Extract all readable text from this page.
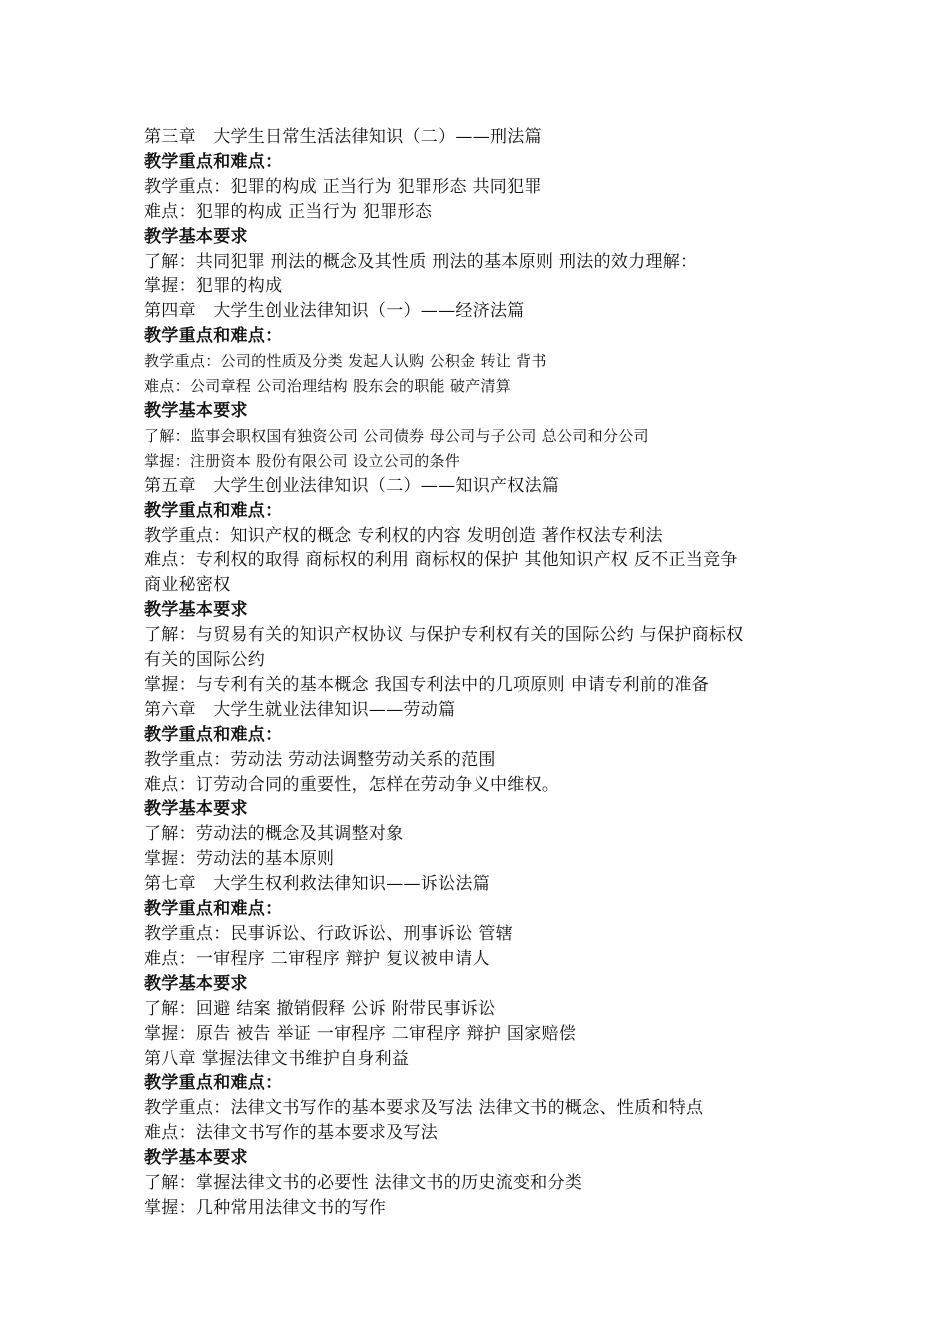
第三章　大学生日常生活法律知识（二）——刑法篇
教学重点和难点：
教学重点：犯罪的构成 正当行为 犯罪形态 共同犯罪
难点：犯罪的构成 正当行为 犯罪形态
教学基本要求
了解：共同犯罪 刑法的概念及其性质 刑法的基本原则 刑法的效力理解：
掌握：犯罪的构成
第四章　大学生创业法律知识（一）——经济法篇
教学重点和难点：
教学重点：公司的性质及分类 发起人认购 公积金 转让 背书
难点：公司章程 公司治理结构 股东会的职能 破产清算
教学基本要求
了解：监事会职权国有独资公司 公司债券 母公司与子公司 总公司和分公司
掌握：注册资本 股份有限公司 设立公司的条件
第五章　大学生创业法律知识（二）——知识产权法篇
教学重点和难点：
教学重点：知识产权的概念 专利权的内容 发明创造 著作权法专利法
难点：专利权的取得 商标权的利用 商标权的保护 其他知识产权 反不正当竞争
商业秘密权
教学基本要求
了解：与贸易有关的知识产权协议 与保护专利权有关的国际公约 与保护商标权
有关的国际公约
掌握：与专利有关的基本概念 我国专利法中的几项原则 申请专利前的准备
第六章　大学生就业法律知识——劳动篇
教学重点和难点：
教学重点：劳动法 劳动法调整劳动关系的范围
难点：订劳动合同的重要性，怎样在劳动争义中维权。
教学基本要求
了解：劳动法的概念及其调整对象
掌握：劳动法的基本原则
第七章　大学生权利救法律知识——诉讼法篇
教学重点和难点：
教学重点：民事诉讼、行政诉讼、刑事诉讼 管辖
难点：一审程序 二审程序 辩护 复议被申请人
教学基本要求
了解：回避 结案 撤销假释 公诉 附带民事诉讼
掌握：原告 被告 举证 一审程序 二审程序 辩护 国家赔偿
第八章 掌握法律文书维护自身利益
教学重点和难点：
教学重点：法律文书写作的基本要求及写法 法律文书的概念、性质和特点
难点：法律文书写作的基本要求及写法
教学基本要求
了解：掌握法律文书的必要性 法律文书的历史流变和分类
掌握：几种常用法律文书的写作
